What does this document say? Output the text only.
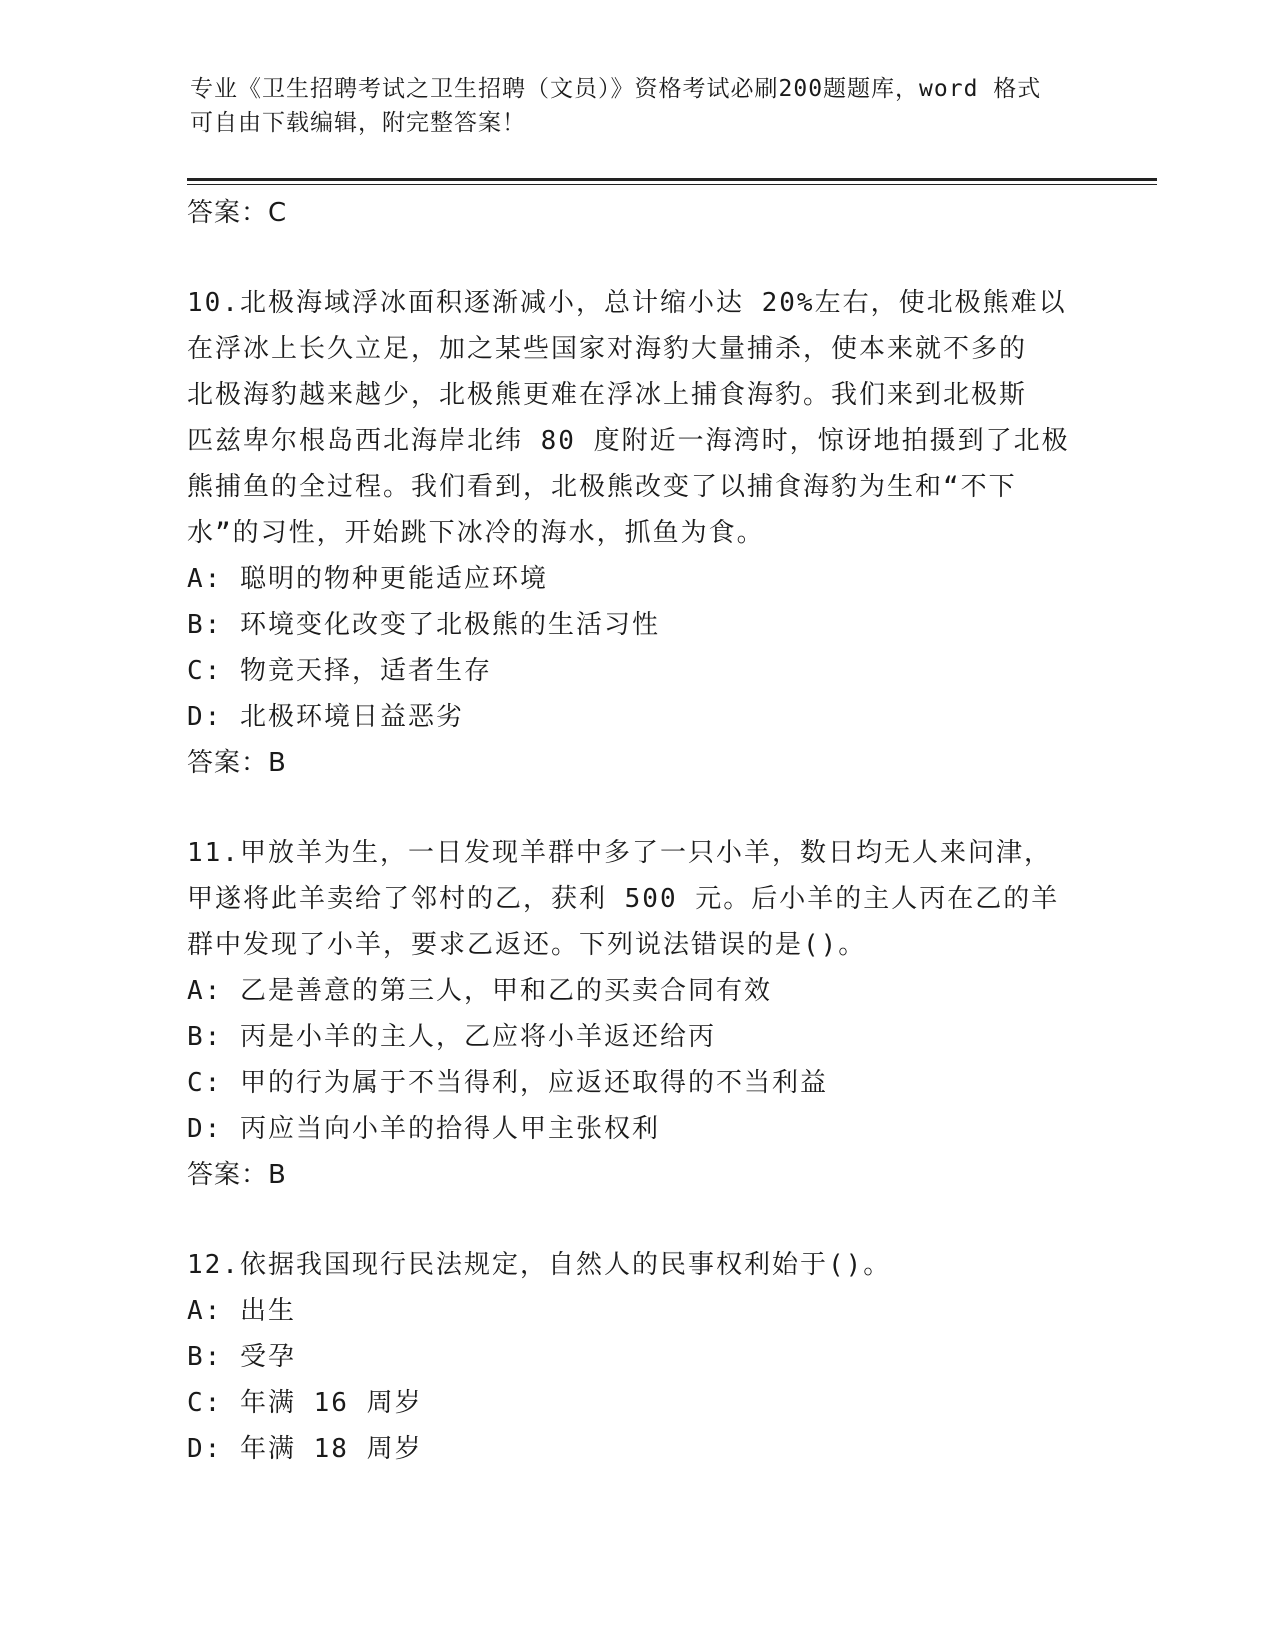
专业《卫生招聘考试之卫生招聘（文员）》资格考试必刷200题题库，word 格式
可自由下载编辑，附完整答案！
答案：C
10.北极海域浮冰面积逐渐减小，总计缩小达 20%左右，使北极熊难以
在浮冰上长久立足，加之某些国家对海豹大量捕杀，使本来就不多的
北极海豹越来越少，北极熊更难在浮冰上捕食海豹。我们来到北极斯
匹兹卑尔根岛西北海岸北纬 80 度附近一海湾时，惊讶地拍摄到了北极
熊捕鱼的全过程。我们看到，北极熊改变了以捕食海豹为生和“不下
水”的习性，开始跳下冰冷的海水，抓鱼为食。
A: 聪明的物种更能适应环境
B: 环境变化改变了北极熊的生活习性
C: 物竞天择，适者生存
D: 北极环境日益恶劣
答案：B
11.甲放羊为生，一日发现羊群中多了一只小羊，数日均无人来问津，
甲遂将此羊卖给了邻村的乙，获利 500 元。后小羊的主人丙在乙的羊
群中发现了小羊，要求乙返还。下列说法错误的是()。
A: 乙是善意的第三人，甲和乙的买卖合同有效
B: 丙是小羊的主人，乙应将小羊返还给丙
C: 甲的行为属于不当得利，应返还取得的不当利益
D: 丙应当向小羊的拾得人甲主张权利
答案：B
12.依据我国现行民法规定，自然人的民事权利始于()。
A: 出生
B: 受孕
C: 年满 16 周岁
D: 年满 18 周岁
